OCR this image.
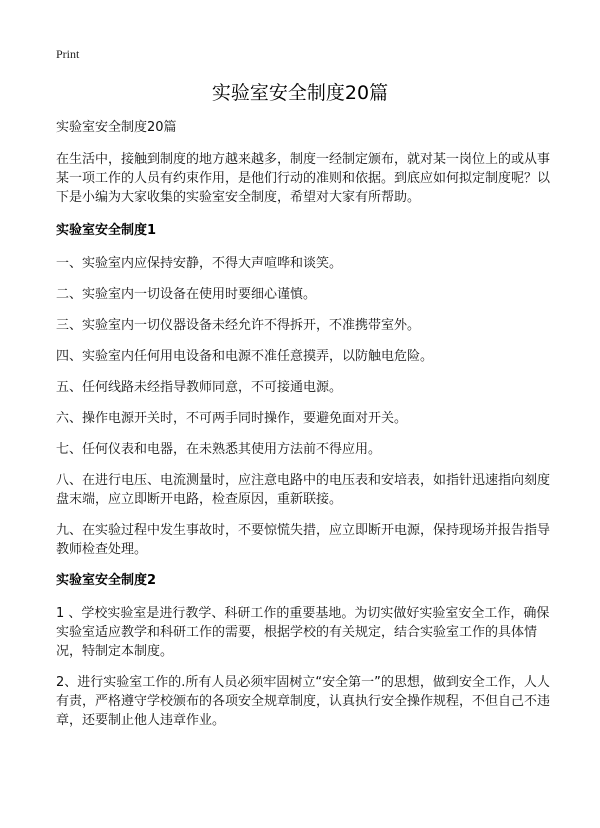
Print
实验室安全制度20篇

实验室安全制度20篇

在生活中，接触到制度的地方越来越多，制度一经制定颁布，就对某一岗位上的或从事某一项工作的人员有约束作用，是他们行动的准则和依据。到底应如何拟定制度呢？以下是小编为大家收集的实验室安全制度，希望对大家有所帮助。

实验室安全制度1
一、实验室内应保持安静，不得大声喧哗和谈笑。
二、实验室内一切设备在使用时要细心谨慎。
三、实验室内一切仪器设备未经允许不得拆开，不准携带室外。
四、实验室内任何用电设备和电源不准任意摸弄，以防触电危险。
五、任何线路未经指导教师同意，不可接通电源。
六、操作电源开关时，不可两手同时操作，要避免面对开关。
七、任何仪表和电器，在未熟悉其使用方法前不得应用。
八、在进行电压、电流测量时，应注意电路中的电压表和安培表，如指针迅速指向刻度盘末端，应立即断开电路，检查原因，重新联接。
九、在实验过程中发生事故时，不要惊慌失措，应立即断开电源，保持现场并报告指导教师检查处理。
实验室安全制度2
1 、学校实验室是进行教学、科研工作的重要基地。为切实做好实验室安全工作，确保实验室适应教学和科研工作的需要，根据学校的有关规定，结合实验室工作的具体情况，特制定本制度。
2、进行实验室工作的.所有人员必须牢固树立“安全第一”的思想，做到安全工作，人人有责，严格遵守学校颁布的各项安全规章制度，认真执行安全操作规程，不但自己不违章，还要制止他人违章作业。
